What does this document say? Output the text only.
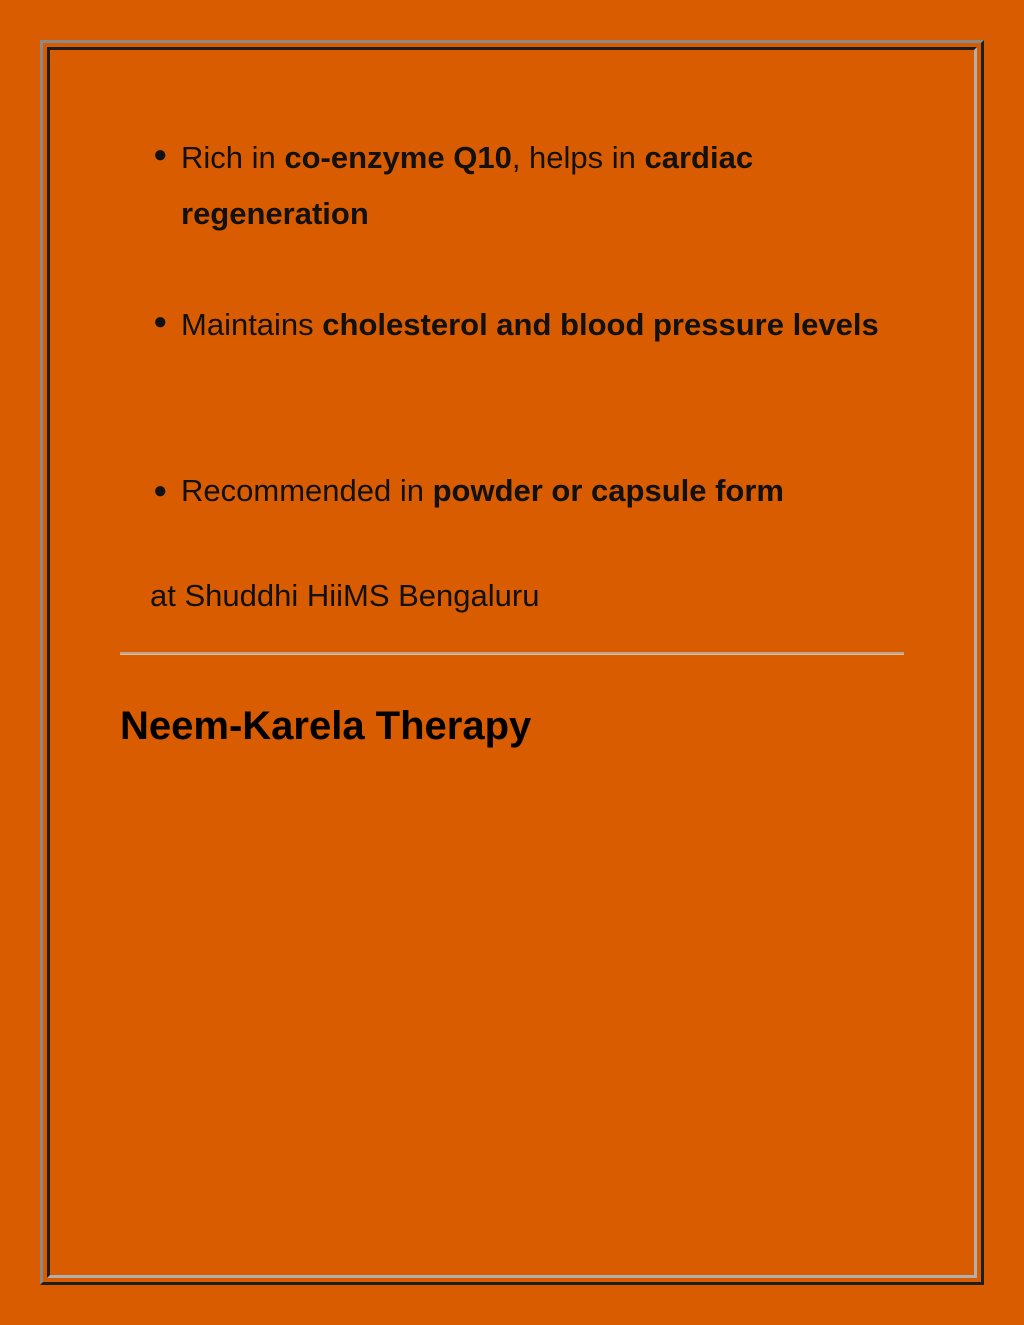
● Rich in co-enzyme Q10, helps in cardiac regeneration
● Maintains cholesterol and blood pressure levels
● Recommended in powder or capsule form
at Shuddhi HiiMS Bengaluru
Neem-Karela Therapy
